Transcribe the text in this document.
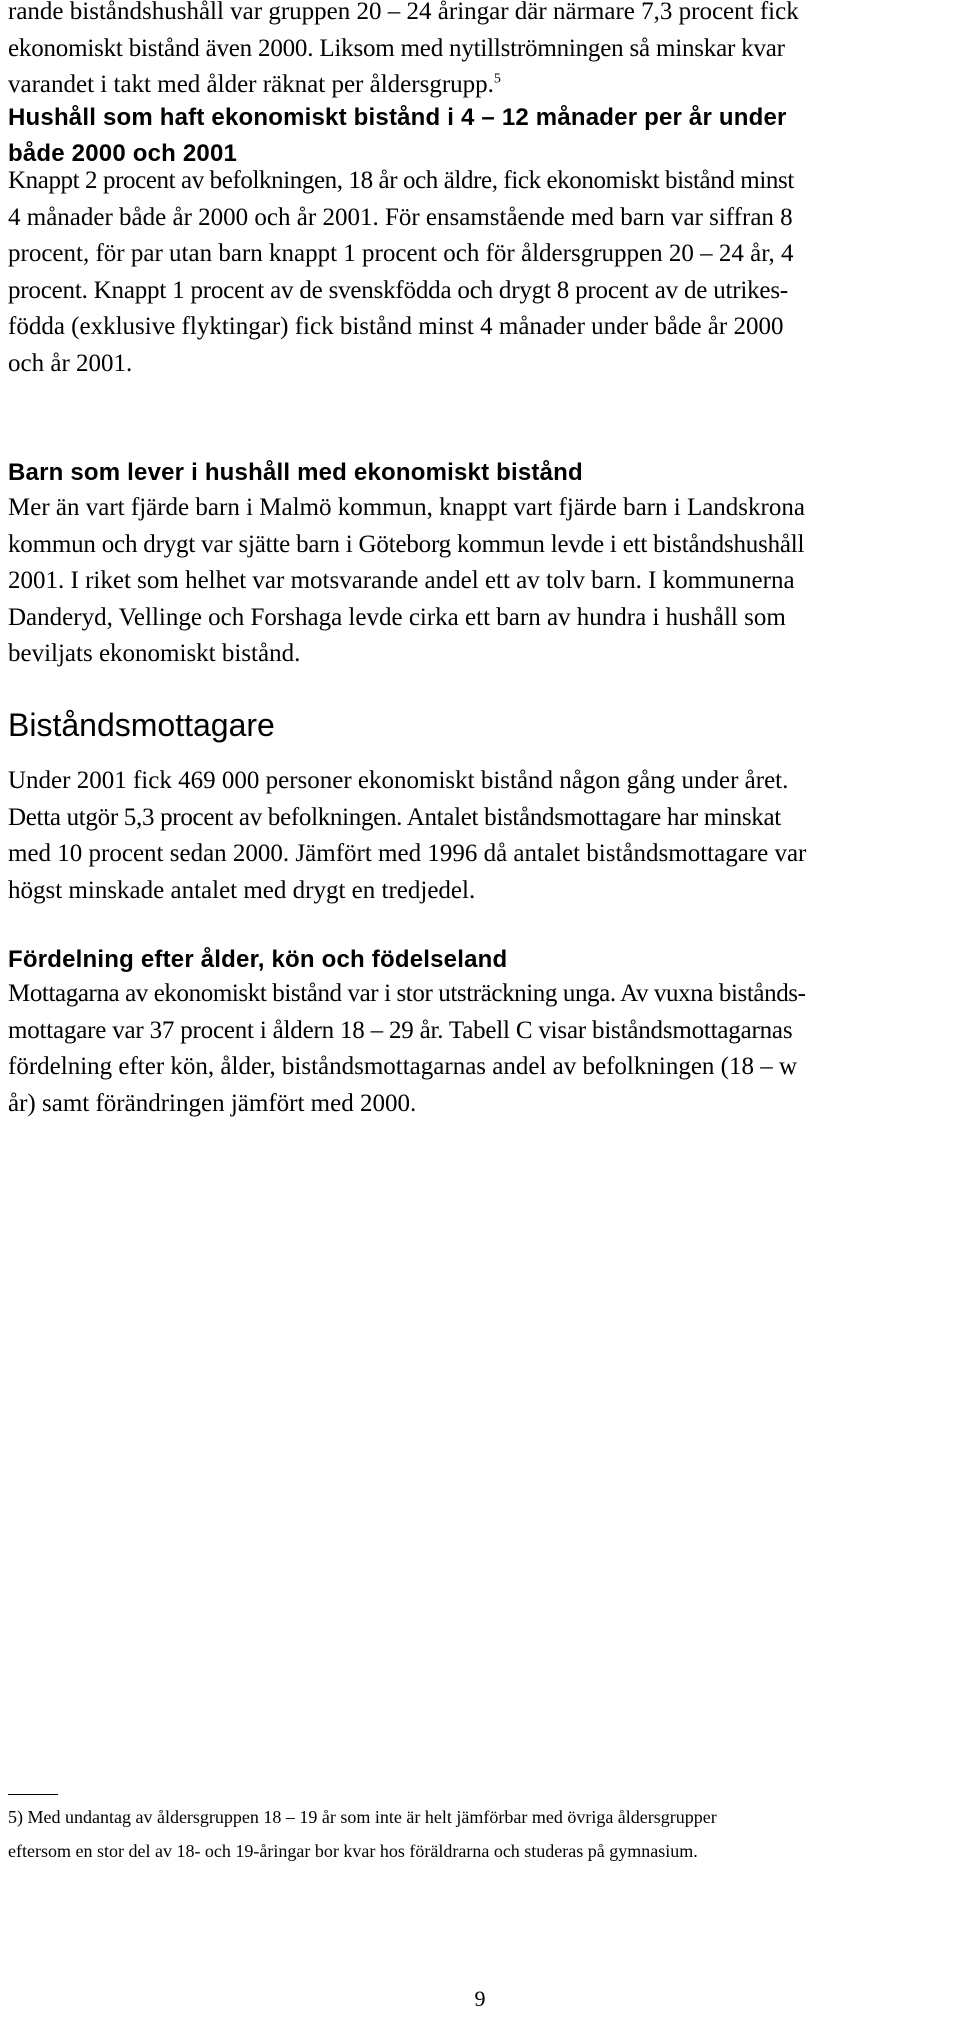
rande biståndshushåll var gruppen 20 – 24 åringar där närmare 7,3 procent fick

ekonomiskt bistånd även 2000. Liksom med nytillströmningen så minskar kvar

varandet i takt med ålder räknat per åldersgrupp.$^5$

Hushåll som haft ekonomiskt bistånd i 4 – 12 månader per år under
både 2000 och 2001

Knappt 2 procent av befolkningen, 18 år och äldre, fick ekonomiskt bistånd minst

4 månader både år 2000 och år 2001. För ensamstående med barn var siffran 8

procent, för par utan barn knappt 1 procent och för åldersgruppen 20 – 24 år, 4

procent. Knappt 1 procent av de svenskfödda och drygt 8 procent av de utrikes-

födda (exklusive flyktingar) fick bistånd minst 4 månader under både år 2000

och år 2001.

Barn som lever i hushåll med ekonomiskt bistånd

Mer än vart fjärde barn i Malmö kommun, knappt vart fjärde barn i Landskrona

kommun och drygt var sjätte barn i Göteborg kommun levde i ett biståndshushåll

2001. I riket som helhet var motsvarande andel ett av tolv barn. I kommunerna

Danderyd, Vellinge och Forshaga levde cirka ett barn av hundra i hushåll som

beviljats ekonomiskt bistånd.

Biståndsmottagare

Under 2001 fick 469 000 personer ekonomiskt bistånd någon gång under året.

Detta utgör 5,3 procent av befolkningen. Antalet biståndsmottagare har minskat

med 10 procent sedan 2000. Jämfört med 1996 då antalet biståndsmottagare var

högst minskade antalet med drygt en tredjedel.

Fördelning efter ålder, kön och födelseland

Mottagarna av ekonomiskt bistånd var i stor utsträckning unga. Av vuxna bistånds-

mottagare var 37 procent i åldern 18 – 29 år. Tabell C visar biståndsmottagarnas

fördelning efter kön, ålder, biståndsmottagarnas andel av befolkningen (18 – w

år) samt förändringen jämfört med 2000.

5) Med undantag av åldersgruppen 18 – 19 år som inte är helt jämförbar med övriga åldersgrupper
eftersom en stor del av 18- och 19-åringar bor kvar hos föräldrarna och studeras på gymnasium.
9
